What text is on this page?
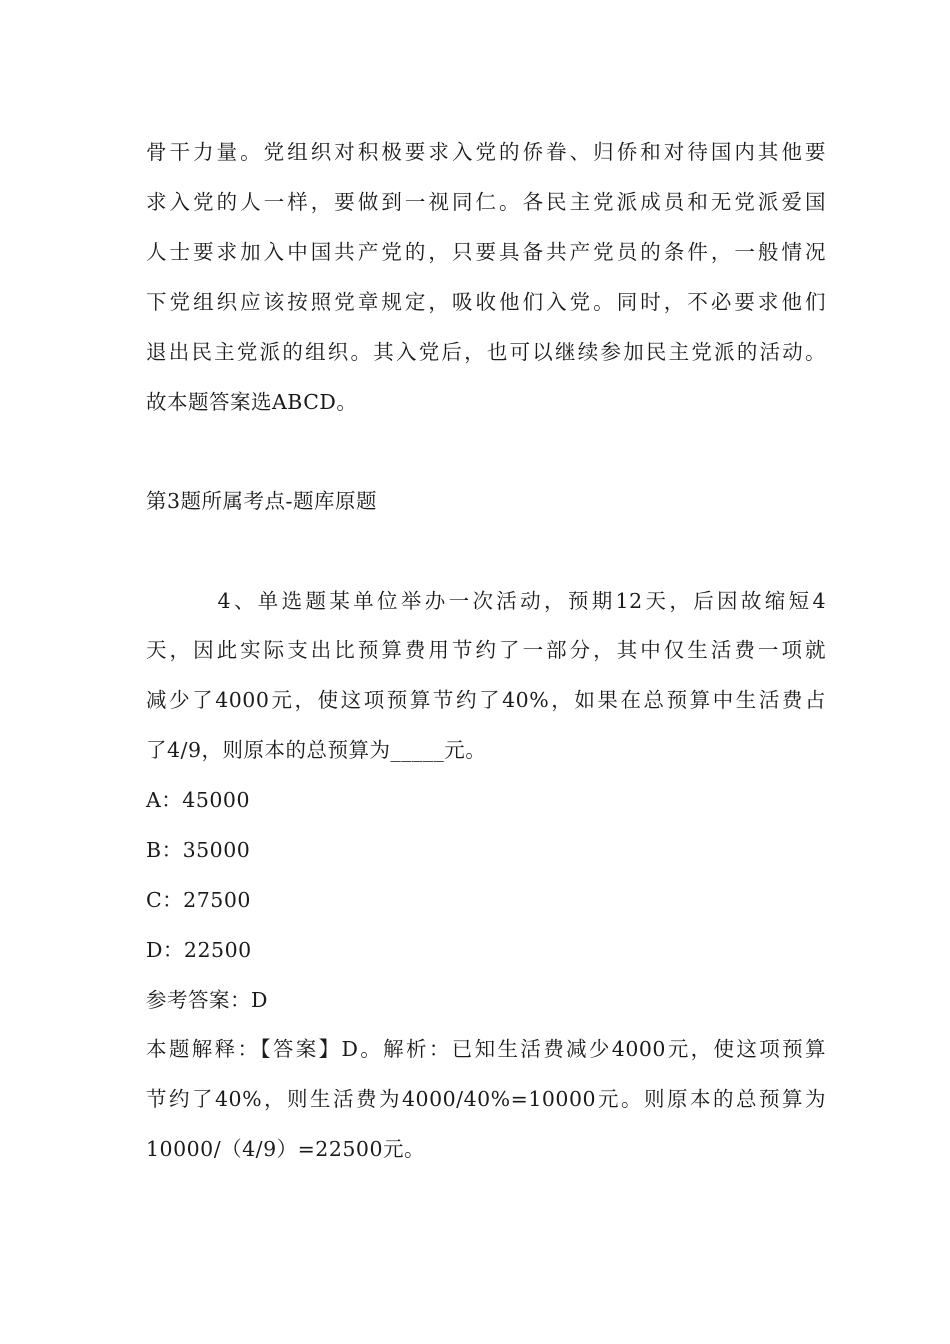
骨干力量。党组织对积极要求入党的侨眷、归侨和对待国内其他要
求入党的人一样，要做到一视同仁。各民主党派成员和无党派爱国
人士要求加入中国共产党的，只要具备共产党员的条件，一般情况
下党组织应该按照党章规定，吸收他们入党。同时，不必要求他们
退出民主党派的组织。其入党后，也可以继续参加民主党派的活动。
故本题答案选ABCD。
第3题所属考点-题库原题
　　　4、单选题某单位举办一次活动，预期12天，后因故缩短4
天，因此实际支出比预算费用节约了一部分，其中仅生活费一项就
减少了4000元，使这项预算节约了40%，如果在总预算中生活费占
了4/9，则原本的总预算为_____元。
A：45000
B：35000
C：27500
D：22500
参考答案：D
本题解释：【答案】D。解析：已知生活费减少4000元，使这项预算
节约了40%，则生活费为4000/40%=10000元。则原本的总预算为
10000/（4/9）=22500元。
